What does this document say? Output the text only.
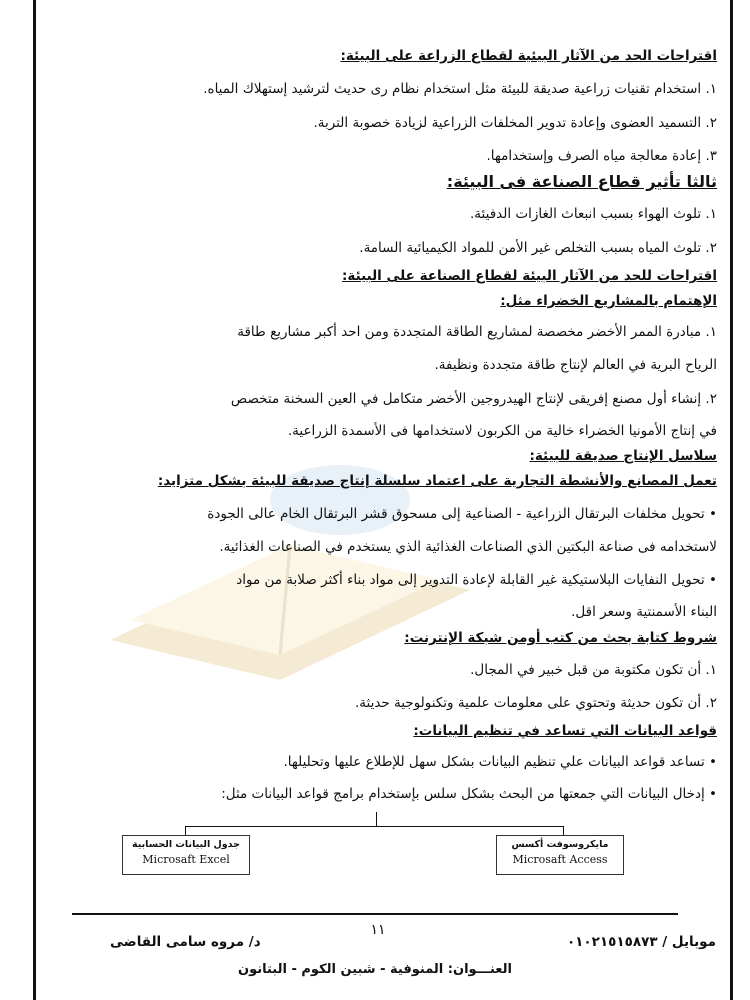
اقتراحات الحد من الآثار البيئية لقطاع الزراعة على البيئة:
١. استخدام تقنيات زراعية صديقة للبيئة مثل استخدام نظام رى حديث لترشيد إستهلاك المياه.
٢. التسميد العضوى وإعادة تدوير المخلفات الزراعية لزيادة خصوبة التربة.
٣. إعادة معالجة مياه الصرف وإستخدامها.
ثالثا تأثير قطاع الصناعة فى البيئة:
١. تلوث الهواء بسبب انبعاث الغازات الدفيئة.
٢. تلوث المياه بسبب التخلص غير الأمن للمواد الكيميائية السامة.
اقتراحات للحد من الآثار البيئة لقطاع الصناعة على البيئة:
الإهتمام بالمشاريع الخضراء مثل:
١. مبادرة الممر الأخضر مخصصة لمشاريع الطاقة المتجددة ومن احد أكبر مشاريع طاقة
الرياح البرية في العالم لإنتاج طاقة متجددة ونظيفة.
٢. إنشاء أول مصنع إفريقى لإنتاج الهيدروجين الأخضر متكامل في العين السخنة متخصص
في إنتاج الأمونيا الخضراء خالية من الكربون لاستخدامها فى الأسمدة الزراعية.
سلاسل الإنتاج صديقة للبيئة:
تعمل المصانع والأنشطة التجارية على اعتماد سلسلة إنتاج صديقة للبيئة بشكل متزايد:
• تحويل مخلفات البرتقال الزراعية - الصناعية إلى مسحوق قشر البرتقال الخام عالى الجودة
لاستخدامه فى صناعة البكتين الذي الصناعات الغذائية الذي يستخدم في الصناعات الغذائية.
• تحويل النفايات البلاستيكية غير القابلة لإعادة التدوير إلى مواد بناء أكثر صلابة من مواد
البناء الأسمنتية وسعر اقل.
شروط كتابة بحث من كتب أومن شبكة الإنترنت:
١. أن تكون مكتوبة من قبل خبير في المجال.
٢. أن تكون حديثة وتحتوي على معلومات علمية وتكنولوجية حديثة.
قواعد البيانات التي تساعد في تنظيم البيانات:
• تساعد قواعد البيانات علي تنظيم البيانات بشكل سهل للإطلاع عليها وتحليلها.
• إدخال البيانات التي جمعتها من البحث بشكل سلس بإستخدام برامج قواعد البيانات مثل:
جدول البيانات الحسابية
Microsaft Excel
مايكروسوفت أكسس
Microsaft Access
١١
موبايل / ٠١٠٢١٥١٥٨٧٣
د/ مروه سامى القاضى
العنـــوان: المنوفية - شبين الكوم - البتانون
